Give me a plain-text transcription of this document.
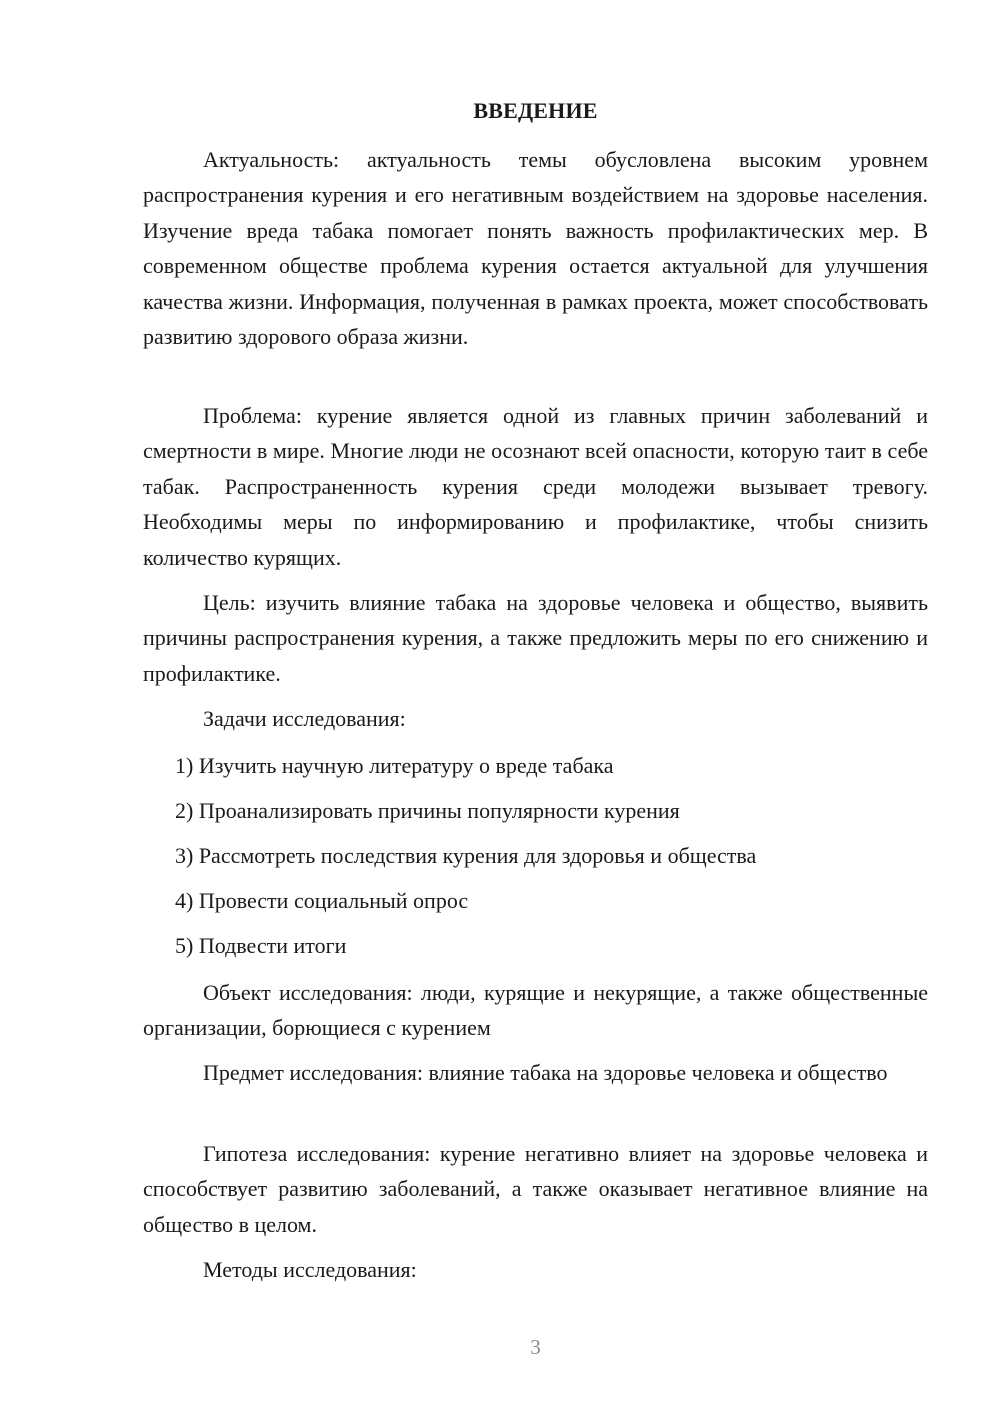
ВВЕДЕНИЕ

Актуальность: актуальность темы обусловлена высоким уровнем распространения курения и его негативным воздействием на здоровье населения. Изучение вреда табака помогает понять важность профилактических мер. В современном обществе проблема курения остается актуальной для улучшения качества жизни. Информация, полученная в рамках проекта, может способствовать развитию здорового образа жизни.

Проблема: курение является одной из главных причин заболеваний и смертности в мире. Многие люди не осознают всей опасности, которую таит в себе табак. Распространенность курения среди молодежи вызывает тревогу. Необходимы меры по информированию и профилактике, чтобы снизить количество курящих.

Цель: изучить влияние табака на здоровье человека и общество, выявить причины распространения курения, а также предложить меры по его снижению и профилактике.

Задачи исследования:

1) Изучить научную литературу о вреде табака

2) Проанализировать причины популярности курения

3) Рассмотреть последствия курения для здоровья и общества

4) Провести социальный опрос

5) Подвести итоги

Объект исследования: люди, курящие и некурящие, а также общественные организации, борющиеся с курением

Предмет исследования: влияние табака на здоровье человека и общество

Гипотеза исследования: курение негативно влияет на здоровье человека и способствует развитию заболеваний, а также оказывает негативное влияние на общество в целом.

Методы исследования:

3
